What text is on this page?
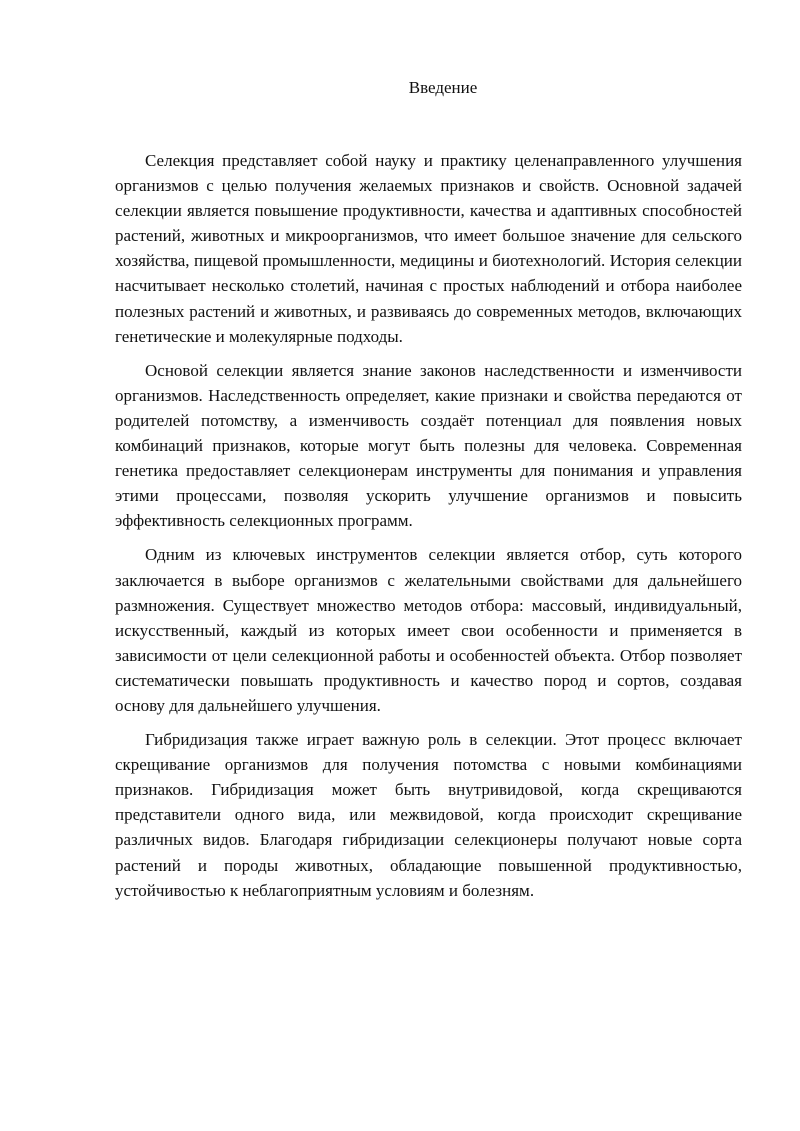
Введение

Селекция представляет собой науку и практику целенаправленного улучшения организмов с целью получения желаемых признаков и свойств. Основной задачей селекции является повышение продуктивности, качества и адаптивных способностей растений, животных и микроорганизмов, что имеет большое значение для сельского хозяйства, пищевой промышленности, медицины и биотехнологий. История селекции насчитывает несколько столетий, начиная с простых наблюдений и отбора наиболее полезных растений и животных, и развиваясь до современных методов, включающих генетические и молекулярные подходы.

Основой селекции является знание законов наследственности и изменчивости организмов. Наследственность определяет, какие признаки и свойства передаются от родителей потомству, а изменчивость создаёт потенциал для появления новых комбинаций признаков, которые могут быть полезны для человека. Современная генетика предоставляет селекционерам инструменты для понимания и управления этими процессами, позволяя ускорить улучшение организмов и повысить эффективность селекционных программ.

Одним из ключевых инструментов селекции является отбор, суть которого заключается в выборе организмов с желательными свойствами для дальнейшего размножения. Существует множество методов отбора: массовый, индивидуальный, искусственный, каждый из которых имеет свои особенности и применяется в зависимости от цели селекционной работы и особенностей объекта. Отбор позволяет систематически повышать продуктивность и качество пород и сортов, создавая основу для дальнейшего улучшения.

Гибридизация также играет важную роль в селекции. Этот процесс включает скрещивание организмов для получения потомства с новыми комбинациями признаков. Гибридизация может быть внутривидовой, когда скрещиваются представители одного вида, или межвидовой, когда происходит скрещивание различных видов. Благодаря гибридизации селекционеры получают новые сорта растений и породы животных, обладающие повышенной продуктивностью, устойчивостью к неблагоприятным условиям и болезням.
